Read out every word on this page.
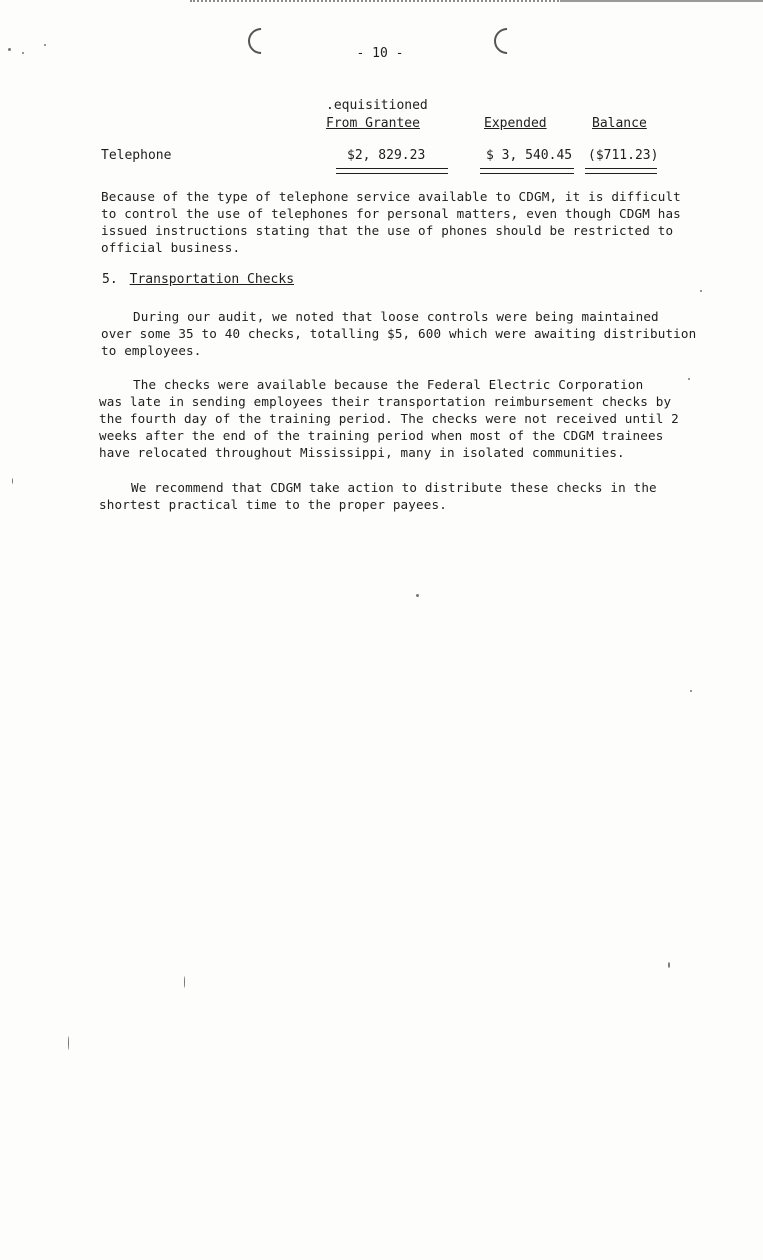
- 10 -
.equisitioned
From Grantee	Expended	Balance
Telephone	$2, 829.23	$ 3, 540.45 ($711.23)
Because of the type of telephone service available to CDGM, it is difficult
to control the use of telephones for personal matters, even though CDGM has
issued instructions stating that the use of phones should be restricted to
official business.
5. Transportation Checks
During our audit, we noted that loose controls were being maintained
over some 35 to 40 checks, totalling $5, 600 which were awaiting distribution
to employees.
The checks were available because the Federal Electric Corporation
was late in sending employees their transportation reimbursement checks by
the fourth day of the training period. The checks were not received until 2
weeks after the end of the training period when most of the CDGM trainees
have relocated throughout Mississippi, many in isolated communities.
We recommend that CDGM take action to distribute these checks in the
shortest practical time to the proper payees.
